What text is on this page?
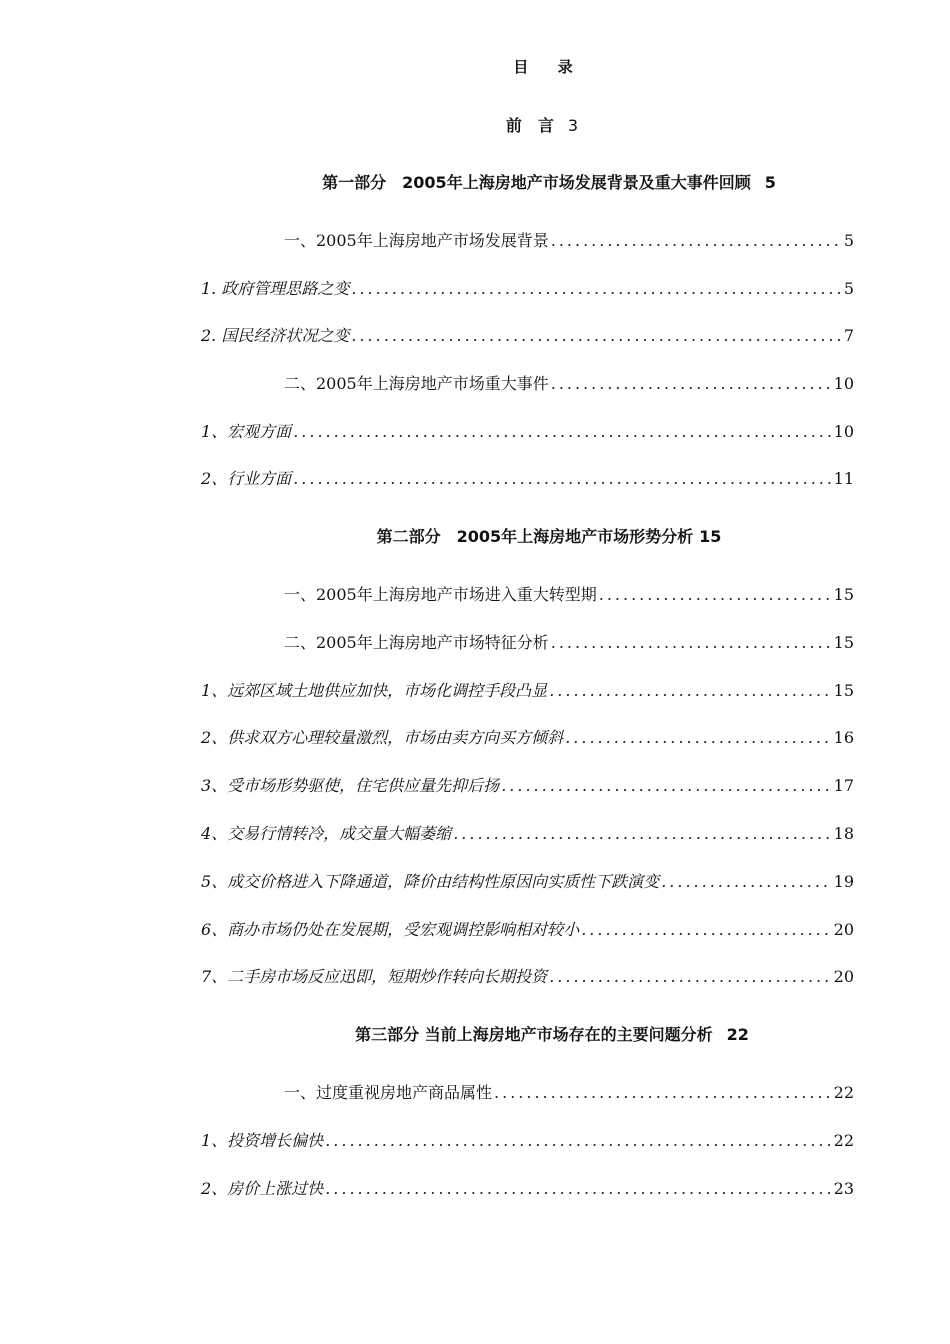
目 录
前　言 3
第一部分　2005年上海房地产市场发展背景及重大事件回顾 5
一、2005年上海房地产市场发展背景 .....	5
1. 政府管理思路之变 .....	5
2. 国民经济状况之变 .....	7
二、2005年上海房地产市场重大事件 .....	10
1、宏观方面 .....	10
2、行业方面 .....	11
第二部分　2005年上海房地产市场形势分析 15
一、2005年上海房地产市场进入重大转型期 .....	15
二、2005年上海房地产市场特征分析 .....	15
1、远郊区域土地供应加快，市场化调控手段凸显 .....	15
2、供求双方心理较量激烈，市场由卖方向买方倾斜 .....	16
3、受市场形势驱使，住宅供应量先抑后扬 .....	17
4、交易行情转冷，成交量大幅萎缩 .....	18
5、成交价格进入下降通道，降价由结构性原因向实质性下跌演变 .....	19
6、商办市场仍处在发展期，受宏观调控影响相对较小 .....	20
7、二手房市场反应迅即，短期炒作转向长期投资 .....	20
第三部分 当前上海房地产市场存在的主要问题分析 22
一、过度重视房地产商品属性 .....	22
1、投资增长偏快 .....	22
2、房价上涨过快 .....	23
